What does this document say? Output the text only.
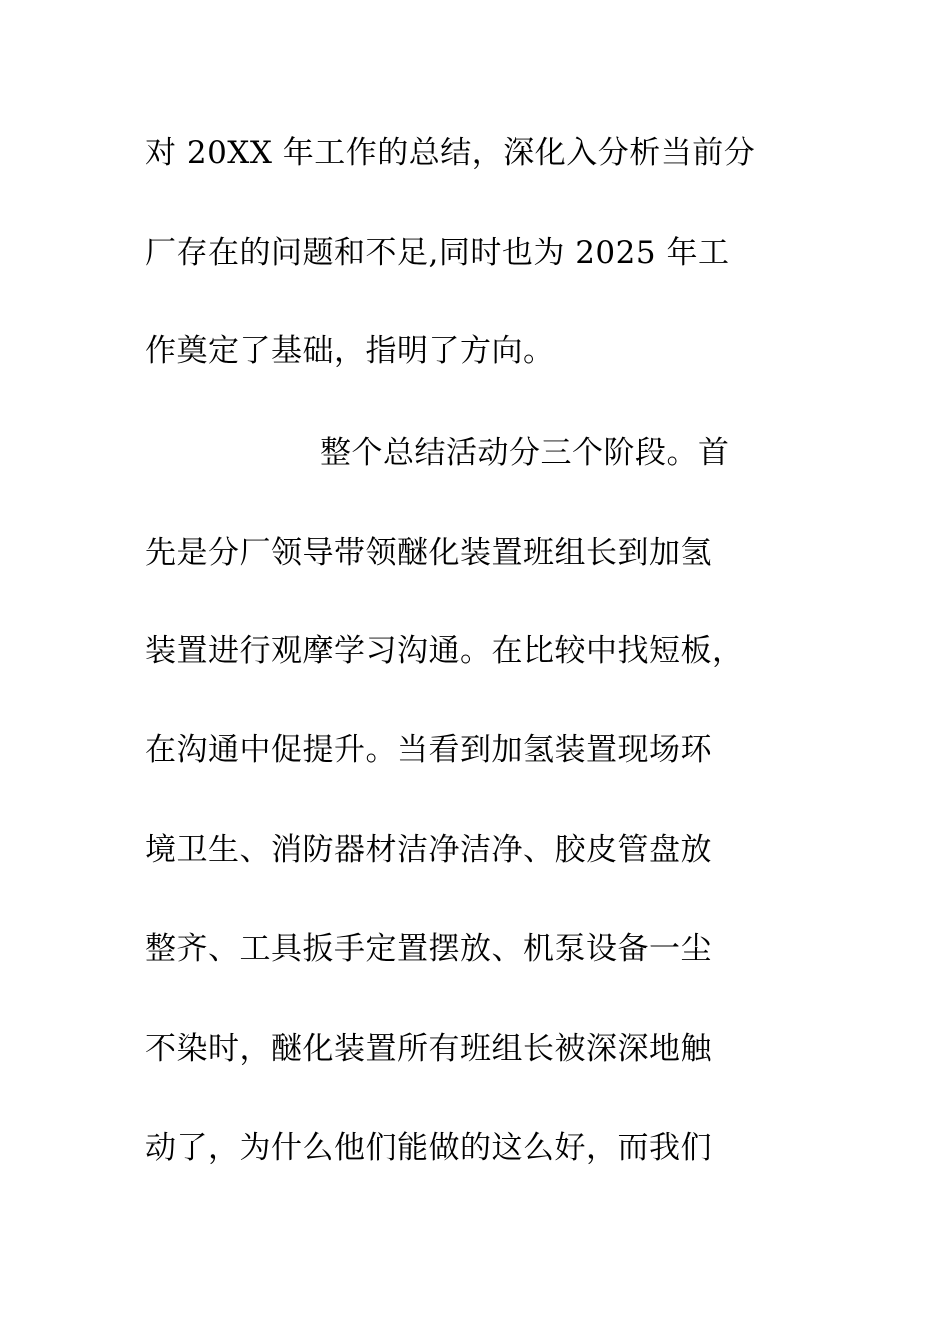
对 20XX 年工作的总结，深化入分析当前分
厂存在的问题和不足,同时也为 2025 年工
作奠定了基础，指明了方向。
整个总结活动分三个阶段。首
先是分厂领导带领醚化装置班组长到加氢
装置进行观摩学习沟通。在比较中找短板，
在沟通中促提升。当看到加氢装置现场环
境卫生、消防器材洁净洁净、胶皮管盘放
整齐、工具扳手定置摆放、机泵设备一尘
不染时，醚化装置所有班组长被深深地触
动了，为什么他们能做的这么好，而我们
